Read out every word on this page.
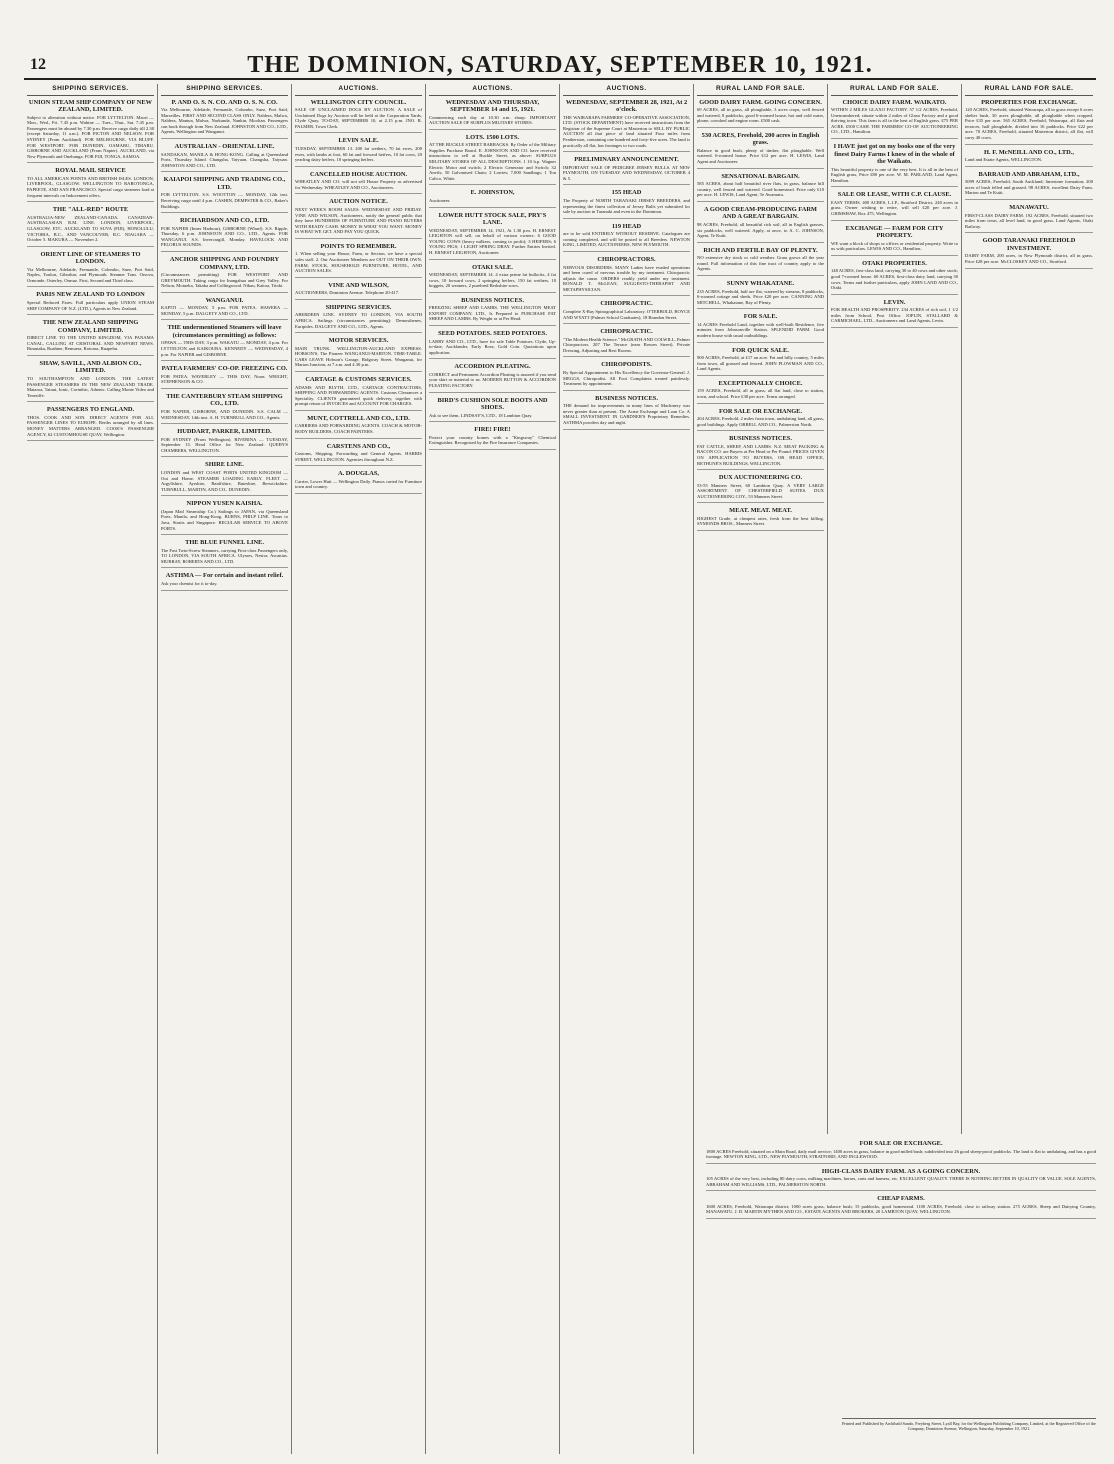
12	THE DOMINION, SATURDAY, SEPTEMBER 10, 1921.
SHIPPING SERVICES.
UNION STEAM SHIP COMPANY OF NEW ZEALAND, LIMITED.
Subject to alteration without notice. FOR LYTTELTON. Maori — Mon., Wed., Fri. 7.45 p.m. Wahine — Tues., Thur., Sat. 7.45 p.m. Passengers must be aboard by 7.30 p.m. Receive cargo daily till 2.30 (except Saturday, 11 a.m.). FOR PICTON AND NELSON. FOR SYDNEY (From Auckland). FOR MELBOURNE, VIA BLUFF. FOR WESTPORT. FOR DUNEDIN, OAMARU, TIMARU. GISBORNE AND AUCKLAND (From Napier). AUCKLAND, via New Plymouth and Onehunga. FOR FIJI, TONGA, SAMOA.
ROYAL MAIL SERVICE
TO ALL AMERICAN POINTS AND BRITISH ISLES. LONDON, LIVERPOOL, GLASGOW. WELLINGTON TO RAROTONGA, PAPEETE, AND SAN FRANCISCO. Special cargo steamers load at frequent intervals on Inducement offers.
THE "ALL-RED" ROUTE
AUSTRALIA-NEW ZEALAND-CANADA. CANADIAN-AUSTRALASIAN R.M. LINE. LONDON, LIVERPOOL, GLASGOW, ETC. AUCKLAND TO SUVA (FIJI), HONOLULU, VICTORIA, B.C., AND VANCOUVER, B.C. NIAGARA — October 5. MAKURA — November 2.
ORIENT LINE OF STEAMERS TO LONDON.
Via Melbourne, Adelaide, Fremantle, Colombo, Suez, Port Said, Naples, Toulon, Gibraltar, and Plymouth. Steamer Tons. Orsova, Ormonde, Osterley, Ormuz. First, Second and Third class.
PARIS NEW ZEALAND TO LONDON
Special Reduced Fares. Full particulars apply UNION STEAM SHIP COMPANY OF N.Z. (LTD.), Agents in New Zealand.
THE NEW ZEALAND SHIPPING COMPANY, LIMITED.
DIRECT LINE TO THE UNITED KINGDOM, VIA PANAMA CANAL, CALLING AT CRISTOBAL AND NEWPORT NEWS. Rimutaka, Ruahine, Remuera, Rotorua, Ruapehu.
SHAW, SAVILL, AND ALBION CO., LIMITED.
TO SOUTHAMPTON AND LONDON. THE LATEST PASSENGER STEAMERS IN THE NEW ZEALAND TRADE. Mataroa, Tainui, Ionic, Corinthic, Athenic. Calling Monte Video and Teneriffe.
PASSENGERS TO ENGLAND.
THOS. COOK AND SON. DIRECT AGENTS FOR ALL PASSENGER LINES TO EUROPE. Berths arranged by all lines. MONEY MATTERS ARRANGED. COOK'S PASSENGER AGENCY, 62 CUSTOMHOUSE QUAY, Wellington.
SHIPPING SERVICES.
P. AND O. S. N. CO. AND O. S. N. CO.
Via Melbourne, Adelaide, Fremantle, Colombo, Suez, Port Said, Marseilles. FIRST AND SECOND CLASS ONLY. Naldera, Malwa, Naldera, Mantua, Malwa, Narkunda, Nankin, Mooltan. Passengers can book through from New Zealand. JOHNSTON AND CO., LTD., Agents, Wellington and Wanganui.
AUSTRALIAN - ORIENTAL LINE.
SANDAKAN, MANILA & HONG-KONG. Calling at Queensland Ports, Thursday Island. Changsha, Taiyuan, Changsha, Taiyuan. JOHNSTON AND CO., LTD.
KAIAPOI SHIPPING AND TRADING CO., LTD.
FOR LYTTELTON. S.S. WOOTTON — MONDAY, 12th inst. Receiving cargo until 4 p.m. CASHIN, DEMPSTER & CO., Baker's Buildings.
RICHARDSON AND CO., LTD.
FOR NAPIER (Inner Harbour), GISBORNE (Wharf). S.S. Ripple, Thursday, 6 p.m. JOHNSTON AND CO., LTD., Agents. FOR WANGANUI. S.S. Invercargill, Monday. HAVELOCK AND PELORUS SOUNDS.
ANCHOR SHIPPING AND FOUNDRY COMPANY, LTD.
(Circumstances permitting) FOR WESTPORT AND GREYMOUTH. Taking cargo for Inangahua and Grey Valley. For Nelson, Motueka, Takaka and Collingwood. Nikau, Kaitoa, Titoki.
WANGANUI.
KAPITI — MONDAY, 5 p.m. FOR PATEA. HAWERA — MONDAY, 5 p.m. DALGETY AND CO., LTD.
THE undermentioned Steamers will leave (circumstances permitting) as follows:
OPAWA — THIS DAY, 3 p.m. WAKATU — MONDAY, 4 p.m. For LYTTELTON and KAIKOURA. KENNEDY — WEDNESDAY, 4 p.m. For NAPIER and GISBORNE.
PATEA FARMERS' CO-OP. FREEZING CO.
FOR PATEA. WAVERLEY — THIS DAY, Noon. WRIGHT, STEPHENSON & CO.
THE CANTERBURY STEAM SHIPPING CO., LTD.
FOR NAPIER, GISBORNE, AND DUNEDIN. S.S. CALM — WEDNESDAY, 14th inst. A. H. TURNBULL AND CO., Agents.
HUDDART, PARKER, LIMITED.
FOR SYDNEY (From Wellington). RIVERINA — TUESDAY, September 13. Head Office for New Zealand: QUEEN'S CHAMBERS, WELLINGTON.
SHIRE LINE.
LONDON and WEST COAST PORTS UNITED KINGDOM — Out and Home. STEAMER LOADING EARLY. FLEET — Argyllshire, Ayrshire, Banffshire, Buteshire, Berwickshire. TURNBULL, MARTIN, AND CO., DUNEDIN.
NIPPON YUSEN KAISHA.
(Japan Mail Steamship Co.) Sailings to JAPAN, via Queensland Ports, Manila, and Hong-Kong. BURNS, PHILP LINE. Tours to Java, Straits and Singapore. REGULAR SERVICE TO ABOVE PORTS.
THE BLUE FUNNEL LINE.
The Fast Twin-Screw Steamers, carrying First-class Passengers only, TO LONDON, VIA SOUTH AFRICA. Ulysses, Nestor, Ascanius. MURRAY, ROBERTS AND CO., LTD.
ASTHMA — For certain and instant relief.
Ask your chemist for it to-day.
AUCTIONS.
WELLINGTON CITY COUNCIL.
SALE OF UNCLAIMED DOGS BY AUCTION. A SALE of Unclaimed Dogs by Auction will be held at the Corporation Yards, Clyde Quay, TO-DAY, SEPTEMBER 10, at 2.15 p.m. JNO. R. PALMER, Town Clerk.
LEVIN SALE.
TUESDAY, SEPTEMBER 13. 200 fat wethers, 70 fat ewes, 200 ewes, with lambs at foot, 60 fat and forward heifers, 10 fat cows, 20 yearling dairy heifers, 10 springing heifers.
CANCELLED HOUSE AUCTION.
WHEATLEY AND CO. will not sell House Property as advertised for Wednesday. WHEATLEY AND CO., Auctioneers.
AUCTION NOTICE.
NEXT WEEK'S ROOM SALES. WEDNESDAY AND FRIDAY. VINE AND WILSON, Auctioneers, notify the general public that they have HUNDREDS OF FURNITURE AND PIANO BUYERS WITH READY CASH. MONEY IS WHAT YOU WANT. MONEY IS WHAT WE GET. AND PAY YOU QUICK.
POINTS TO REMEMBER.
1. When selling your House, Farm, or Section, we have a special sales staff. 2. Our Auctioneer Members are OUT ON THEIR OWN. FARM, STOCK, HOUSEHOLD FURNITURE, HOTEL, AND AUCTION SALES.
VINE AND WILSON,
AUCTIONEERS, Dominion Avenue. Telephone 20-417.
SHIPPING SERVICES.
ABERDEEN LINE. SYDNEY TO LONDON, VIA SOUTH AFRICA. Sailings (circumstances permitting): Demosthenes, Euripides. DALGETY AND CO., LTD., Agents.
MOTOR SERVICES.
MAIN TRUNK. WELLINGTON-AUCKLAND EXPRESS. HOBSON'S, The Pioneer WANGANUI-MARTON. TIME-TABLE. CARS LEAVE Hobson's Garage, Ridgway Street, Wanganui, for Marton Junction, at 7 a.m. and 4.30 p.m.
CARTAGE & CUSTOMS SERVICES.
ADAMS AND BLYTH, LTD., CARTAGE CONTRACTORS, SHIPPING AND FORWARDING AGENTS. Customs Clearances a Speciality. CLIENTS guaranteed quick delivery, together with prompt return of INVOICES and ACCOUNT FOR CHARGES.
MUNT, COTTRELL AND CO., LTD.
CARRIERS AND FORWARDING AGENTS. COACH & MOTOR-BODY BUILDERS, COACH PAINTERS.
CARSTENS AND CO.,
Customs, Shipping, Forwarding and General Agents. HARRIS STREET, WELLINGTON. Agencies throughout N.Z.
A. DOUGLAS,
Carrier, Lower Hutt — Wellington Daily. Pianos carted for Furniture town and country.
AUCTIONS.
WEDNESDAY AND THURSDAY, SEPTEMBER 14 and 15, 1921.
Commencing each day at 10.30 a.m. sharp. IMPORTANT AUCTION SALE OF SURPLUS MILITARY STORES.
LOTS. 1500 LOTS.
AT THE BUCKLE STREET BARRACKS. By Order of the Military Supplies Purchase Board. E. JOHNSTON AND CO. have received instructions to sell at Buckle Street, as above: SURPLUS MILITARY STORES OF ALL DESCRIPTIONS. 1 10 h.p. Wagner Electric Motor and switch; 2 Electric Generator and Switch; 32 Anvils; 50 Galvanised Chain; 2 Lorries; 7,000 Sandbags; 1 Ton Calico, White.
E. JOHNSTON,
Auctioneer.
LOWER HUTT STOCK SALE, PRY'S LANE.
WEDNESDAY, SEPTEMBER 14, 1921, At 1.30 p.m. H. ERNEST LEIGHTON will sell, on behalf of various owners: 6 GOOD YOUNG COWS (heavy milkers, coming to profit); 3 HEIFERS; 6 YOUNG PIGS; 1 LIGHT SPRING DRAY. Further Entries Invited. H. ERNEST LEIGHTON, Auctioneer.
OTAKI SALE.
WEDNESDAY, SEPTEMBER 14. 4 extra prime fat bullocks, 4 fat cows, 10 forward cows, 2 springing heifers, 150 fat wethers, 10 hoggets, 20 weaners, 2 purebred Berkshire sows.
BUSINESS NOTICES.
FREEZING SHEEP AND LAMBS. THE WELLINGTON MEAT EXPORT COMPANY, LTD., Is Prepared to PURCHASE FAT SHEEP AND LAMBS. By Weight or at Per Head.
SEED POTATOES. SEED POTATOES.
LARRY AND CO., LTD., have for sale Table Potatoes. Clyde, Up-to-date, Aucklander, Early Rose, Gold Coin. Quotations upon application.
ACCORDION PLEATING.
CORRECT and Permanent Accordion Pleating is assured if you send your skirt or material to us. MODERN BUTTON & ACCORDION PLEATING FACTORY.
BIRD'S CUSHION SOLE BOOTS AND SHOES.
Ask to see them. LINDSAY'S, LTD., 18 Lambton Quay.
FIRE! FIRE!
Protect your country homes with a "Kingsway" Chemical Extinguisher. Recognised by the Fire Insurance Companies.
AUCTIONS.
WEDNESDAY, SEPTEMBER 28, 1921, At 2 o'clock.
THE WAIRARAPA FARMERS' CO-OPERATIVE ASSOCIATION, LTD. (STOCK DEPARTMENT) have received instructions from the Registrar of the Supreme Court at Masterton to SELL BY PUBLIC AUCTION all that piece of land situated Four miles from Featherston, containing one hundred and forty-five acres. The land is practically all flat, has frontages to two roads.
PRELIMINARY ANNOUNCEMENT.
IMPORTANT SALE OF PEDIGREE JERSEY BULLS. AT NEW PLYMOUTH, ON TUESDAY AND WEDNESDAY, OCTOBER 4 & 5.
155 HEAD
The Property of NORTH TARANAKI JERSEY BREEDERS, and representing the finest collection of Jersey Bulls yet submitted for sale by auction in Taranaki and even in the Dominion.
119 HEAD
are to be sold ENTIRELY WITHOUT RESERVE. Catalogues are coming completed, and will be posted to all Breeders. NEWTON KING, LIMITED, AUCTIONEERS, NEW PLYMOUTH.
CHIROPRACTORS.
NERVOUS DISORDERS. MANY Ladies have evaded operations and been cured of nervous trouble by my treatment. Chiropractic adjusts the cause. ORDERS readily yield under my treatment. RONALD T. McLEAN, SUGGESTO-THERAPIST AND METAPHYSICIAN.
CHIROPRACTIC.
Complete X-Ray Spinographical Laboratory. O'TERBOLD, BOYCE AND WYATT (Palmer School Graduates), 18 Brandon Street.
CHIROPRACTIC.
"The Modern Health Science." McGRATH AND COLWILL, Palmer Chiropractors. 207 The Terrace (near Bowen Street). Private Dressing, Adjusting and Rest Rooms.
CHIROPODISTS.
By Special Appointment to His Excellency the Governor-General. J. MEGGS, Chiropodist. All Foot Complaints treated painlessly. Treatment by appointment.
BUSINESS NOTICES.
THE demand for improvements in many lines of Machinery was never greater than at present. The Acme Exchange and Loan Co. A SMALL INVESTMENT IN GARDNER'S Proprietary Remedies. ASTHMA powders day and night.
RURAL LAND FOR SALE.
GOOD DAIRY FARM. GOING CONCERN.
69 ACRES, all in grass, all ploughable, 3 acres crops, well fenced and watered, 8 paddocks, good 6-roomed house, hot and cold water, phone, cowshed and engine room. £500 cash.
530 ACRES, Freehold, 200 acres in English grass.
Balance in good bush, plenty of timber, flat ploughable. Well watered. 6-roomed house. Price £12 per acre. H. LEWIS, Land Agent and Auctioneer.
SENSATIONAL BARGAIN.
585 ACRES, about half beautiful river flats, in grass, balance hill country, well fenced and watered. Good homestead. Price only £10 per acre. H. LEWIS, Land Agent, Te Awamutu.
A GOOD CREAM-PRODUCING FARM AND A GREAT BARGAIN.
98 ACRES, Freehold, all beautiful rich soil, all in English grasses, six paddocks, well watered. Apply, at once, to A. C. JOHNSON, Agent, Te Kuiti.
RICH AND FERTILE BAY OF PLENTY.
NO extensive dry stock or cold weather. Grass grows all the year round. Full information of this fine tract of country apply to the Agents.
SUNNY WHAKATANE.
235 ACRES, Freehold, half are flat, watered by streams, 8 paddocks, 6-roomed cottage and sheds. Price £20 per acre. CANNING AND MITCHELL, Whakatane, Bay of Plenty.
FOR SALE.
14 ACRES Freehold Land, together with well-built Residence, five minutes from Johnsonville Station. SPLENDID FARM. Good modern house with usual outbuildings.
FOR QUICK SALE.
900 ACRES, Freehold, at £17 an acre. Fat and hilly country, 5 miles from town, all grassed and fenced. JOHN PLOWMAN AND CO., Land Agents.
EXCEPTIONALLY CHOICE.
159 ACRES, Freehold, all in grass, all flat land, close to station, town, and school. Price £38 per acre. Terms arranged.
FOR SALE OR EXCHANGE.
204 ACRES, Freehold, 2 miles from town, undulating land, all grass, good buildings. Apply ORBELL AND CO., Palmerston North.
BUSINESS NOTICES.
FAT CATTLE, SHEEP, AND LAMBS. N.Z. MEAT PACKING & BACON CO. are Buyers at Per Head or Per Pound. PRICES GIVEN ON APPLICATION TO BUYERS, OR HEAD OFFICE, BETHUNE'S BUILDINGS, WELLINGTON.
DUX AUCTIONEERING CO.
53-55 Manners Street, 60 Lambton Quay. A VERY LARGE ASSORTMENT OF CHESTERFIELD SUITES. DUX AUCTIONEERING COY., 53 Manners Street.
MEAT. MEAT. MEAT.
HIGHEST Grade, at cheapest rates, fresh from the best killing. SYMONDS BROS., Manners Street.
RURAL LAND FOR SALE.
CHOICE DAIRY FARM. WAIKATO.
WITHIN 2 MILES GLAXO FACTORY. 57 1/2 ACRES, Freehold, Unencumbered; situate within 2 miles of Glaxo Factory and a good thriving town. This farm is all in the best of English grass. £75 PER ACRE. £500 CASH. THE FARMERS' CO-OP. AUCTIONEERING CO., LTD., Hamilton.
I HAVE just got on my books one of the very finest Dairy Farms I know of in the whole of the Waikato.
This beautiful property is one of the very best. It is all in the best of English grass, Price £80 per acre. W. M. PARLAND, Land Agent, Hamilton.
SALE OR LEASE, WITH C.P. CLAUSE.
EASY TERMS. 400 ACRES, L.I.P., Stratford District, 240 acres in grass. Owner wishing to retire, will sell £20 per acre. J. GRIMSHAW, Box 475, Wellington.
EXCHANGE — FARM FOR CITY PROPERTY.
WE want a block of shops or offices or residential property. Write to us with particulars. LEWIS AND CO., Hamilton.
OTAKI PROPERTIES.
148 ACRES, first-class land, carrying 30 to 40 cows and other stock; good 7-roomed house. 60 ACRES, first-class dairy land, carrying 30 cows. Terms and further particulars, apply JOHN LAND AND CO., Otaki.
LEVIN.
FOR HEALTH AND PROSPERITY. 234 ACRES of rich soil, 1 1/2 miles from School, Post Office. JOPLIN, STALLARD & CARMICHAEL, LTD., Auctioneers and Land Agents, Levin.
RURAL LAND FOR SALE.
PROPERTIES FOR EXCHANGE.
120 ACRES, Freehold, situated Wairarapa, all in grass except 6 acres shelter bush, 30 acres ploughable, all ploughable when cropped. Price £35 per acre. 565 ACRES, Freehold, Wairarapa, all flats and terraces, half ploughable, divided into 16 paddocks. Price £22 per acre. 70 ACRES, Freehold, situated Masterton district, all flat, will carry 40 cows.
H. F. McNEILL AND CO., LTD.,
Land and Estate Agents, WELLINGTON.
BARRAUD AND ABRAHAM, LTD.,
5099 ACRES, Freehold, South Auckland; limestone formation; 200 acres of bush felled and grassed. 98 ACRES, excellent Dairy Farm. Marton and Te Kuiti.
MANAWATU.
FIRST-CLASS DAIRY FARM. 192 ACRES, Freehold, situated two miles from town, all level land, in good grass. Land Agents, Otaki Railway.
GOOD TARANAKI FREEHOLD INVESTMENT.
DAIRY FARM, 200 acres, in New Plymouth district, all in grass. Price £28 per acre. McCLOSKEY AND CO., Stratford.
FOR SALE OR EXCHANGE.
1800 ACRES Freehold, situated on a Main Road, daily mail service; 1400 acres in grass, balance in good milled bush; subdivided into 26 good sheep-proof paddocks. The land is flat to undulating, and has a good frontage. NEWTON KING, LTD., NEW PLYMOUTH, STRATFORD, AND INGLEWOOD.
HIGH-CLASS DAIRY FARM. AS A GOING CONCERN.
105 ACRES of the very best, including 80 dairy cows, milking machines, horses, carts and harness, etc. EXCELLENT QUALITY. THERE IS NOTHING BETTER IN QUALITY OR VALUE. SOLE AGENTS, ABRAHAM AND WILLIAMS, LTD., PALMERSTON NORTH.
CHEAP FARMS.
1600 ACRES, Freehold, Wairarapa district; 1000 acres grass, balance bush; 15 paddocks, good homestead. 1100 ACRES, Freehold, close to railway station. 275 ACRES, Sheep and Dairying Country, MANAWATU. J. D. MARTIN MYTHEN AND CO., ESTATE AGENTS AND BROKERS, 20 LAMBTON QUAY, WELLINGTON.
Printed and Published by Archibald Sando, Freyberg Street, Lyall Bay, for the Wellington Publishing Company, Limited, at the Registered Office of the Company, Dominion Avenue, Wellington, Saturday, September 10, 1921.
